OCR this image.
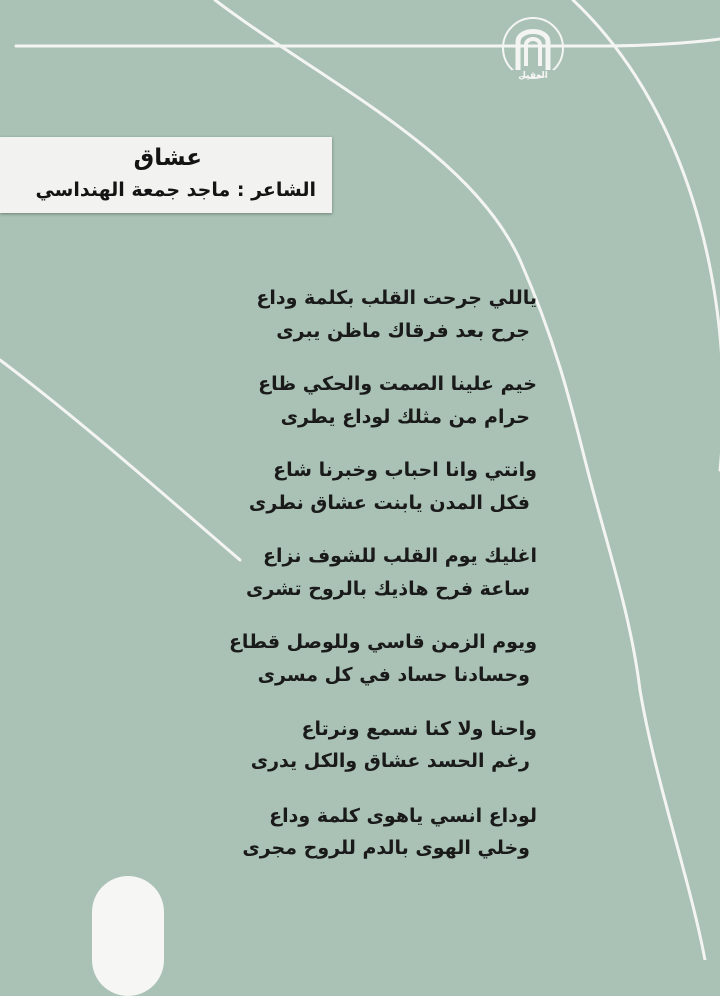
العقيل
عشاق
الشاعر : ماجد جمعة الهنداسي
ياللي جرحت القلب بكلمة وداع
جرح بعد فرقاك ماظن يبرى
خيم علينا الصمت والحكي ظاع
حرام من مثلك لوداع يطرى
وانتي وانا احباب وخبرنا شاع
فكل المدن يابنت عشاق نطرى
اغليك يوم القلب للشوف نزاع
ساعة فرح هاذيك بالروح تشرى
ويوم الزمن قاسي وللوصل قطاع
وحسادنا حساد في كل مسرى
واحنا ولا كنا نسمع ونرتاع
رغم الحسد عشاق والكل يدرى
لوداع انسي ياهوى كلمة وداع
وخلي الهوى بالدم للروح مجرى
